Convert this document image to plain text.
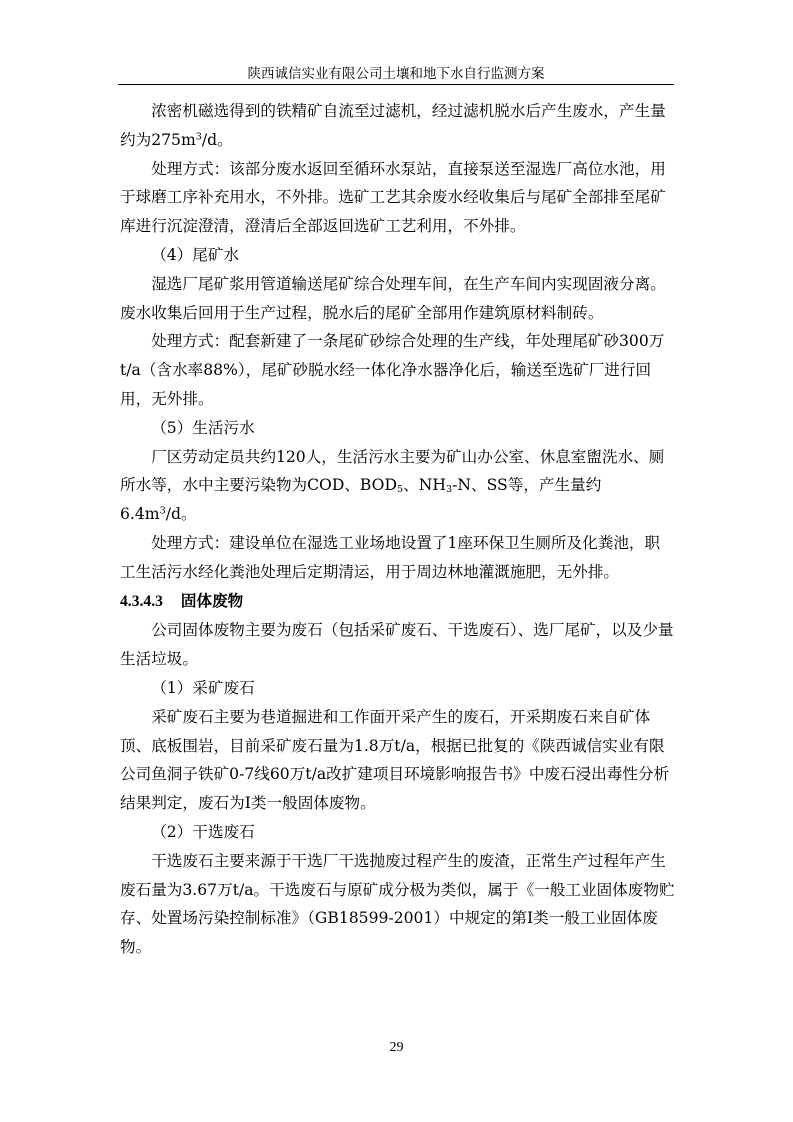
陕西诚信实业有限公司土壤和地下水自行监测方案

浓密机磁选得到的铁精矿自流至过滤机，经过滤机脱水后产生废水，产生量约为$275m^3/d$。

处理方式：该部分废水返回至循环水泵站，直接泵送至湿选厂高位水池，用于球磨工序补充用水，不外排。选矿工艺其余废水经收集后与尾矿全部排至尾矿库进行沉淀澄清，澄清后全部返回选矿工艺利用，不外排。

（4）尾矿水

湿选厂尾矿浆用管道输送尾矿综合处理车间，在生产车间内实现固液分离。废水收集后回用于生产过程，脱水后的尾矿全部用作建筑原材料制砖。

处理方式：配套新建了一条尾矿砂综合处理的生产线，年处理尾矿砂300万t/a（含水率88%），尾矿砂脱水经一体化净水器净化后，输送至选矿厂进行回用，无外排。

（5）生活污水

厂区劳动定员共约120人，生活污水主要为矿山办公室、休息室盥洗水、厕所水等，水中主要污染物为COD、$BOD_5$、$NH_3-N$、SS等，产生量约$6.4m^3/d$。

处理方式：建设单位在湿选工业场地设置了1座环保卫生厕所及化粪池，职工生活污水经化粪池处理后定期清运，用于周边林地灌溉施肥，无外排。

4.3.4.3 固体废物

公司固体废物主要为废石（包括采矿废石、干选废石）、选厂尾矿，以及少量生活垃圾。

（1）采矿废石

采矿废石主要为巷道掘进和工作面开采产生的废石，开采期废石来自矿体顶、底板围岩，目前采矿废石量为1.8万t/a，根据已批复的《陕西诚信实业有限公司鱼洞子铁矿0-7线60万t/a改扩建项目环境影响报告书》中废石浸出毒性分析结果判定，废石为Ⅰ类一般固体废物。

（2）干选废石

干选废石主要来源于干选厂干选抛废过程产生的废渣，正常生产过程年产生废石量为3.67万t/a。干选废石与原矿成分极为类似，属于《一般工业固体废物贮存、处置场污染控制标准》（GB18599-2001）中规定的第Ⅰ类一般工业固体废物。

29
